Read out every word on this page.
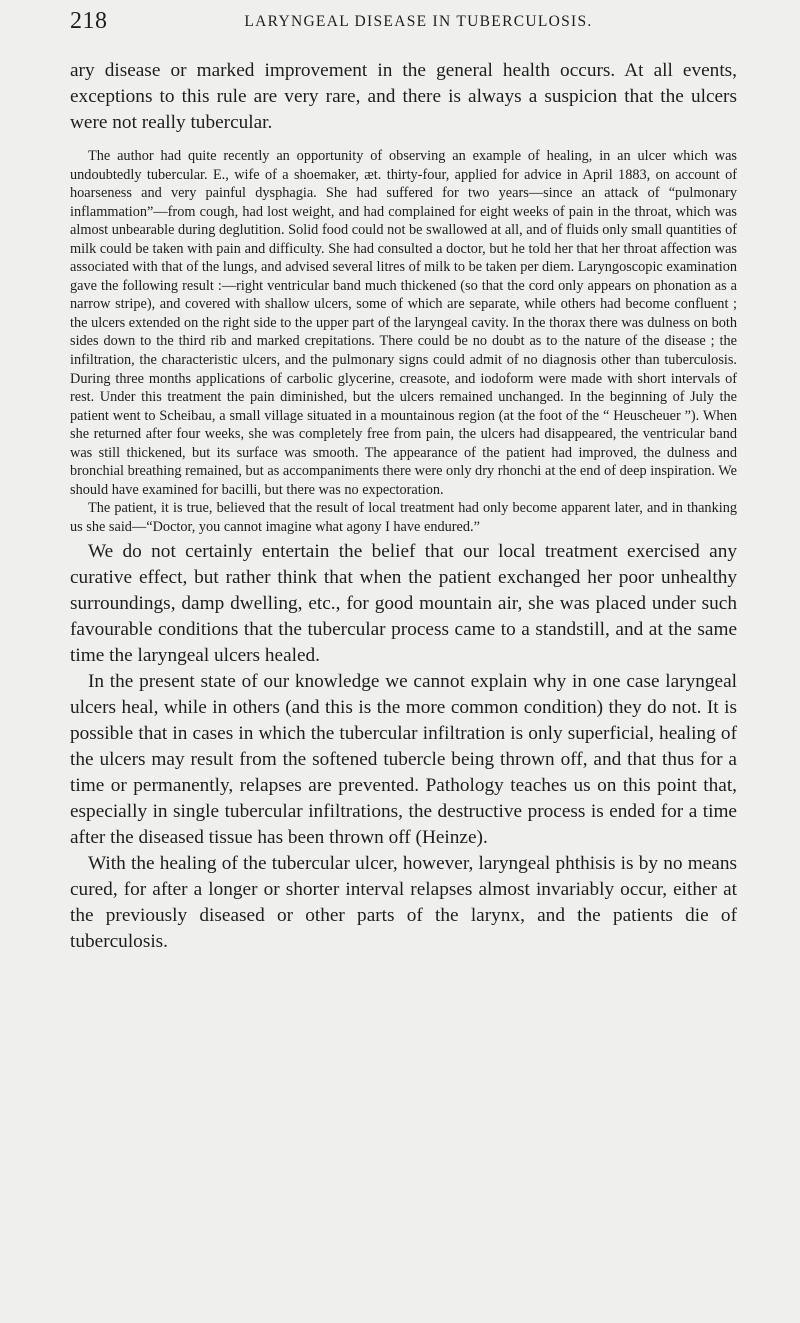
218	LARYNGEAL DISEASE IN TUBERCULOSIS.

ary disease or marked improvement in the general health occurs. At all events, exceptions to this rule are very rare, and there is always a suspicion that the ulcers were not really tubercular.

The author had quite recently an opportunity of observing an example of healing, in an ulcer which was undoubtedly tubercular. E., wife of a shoemaker, æt. thirty-four, applied for advice in April 1883, on account of hoarseness and very painful dysphagia. She had suffered for two years—since an attack of “pulmonary inflammation”—from cough, had lost weight, and had complained for eight weeks of pain in the throat, which was almost unbearable during deglutition. Solid food could not be swallowed at all, and of fluids only small quantities of milk could be taken with pain and difficulty. She had consulted a doctor, but he told her that her throat affection was associated with that of the lungs, and advised several litres of milk to be taken per diem. Laryngoscopic examination gave the following result :—right ventricular band much thickened (so that the cord only appears on phonation as a narrow stripe), and covered with shallow ulcers, some of which are separate, while others had become confluent ; the ulcers extended on the right side to the upper part of the laryngeal cavity. In the thorax there was dulness on both sides down to the third rib and marked crepitations. There could be no doubt as to the nature of the disease ; the infiltration, the characteristic ulcers, and the pulmonary signs could admit of no diagnosis other than tuberculosis. During three months applications of carbolic glycerine, creasote, and iodoform were made with short intervals of rest. Under this treatment the pain diminished, but the ulcers remained unchanged. In the beginning of July the patient went to Scheibau, a small village situated in a mountainous region (at the foot of the “ Heuscheuer ”). When she returned after four weeks, she was completely free from pain, the ulcers had disappeared, the ventricular band was still thickened, but its surface was smooth. The appearance of the patient had improved, the dulness and bronchial breathing remained, but as accompaniments there were only dry rhonchi at the end of deep inspiration. We should have examined for bacilli, but there was no expectoration.

The patient, it is true, believed that the result of local treatment had only become apparent later, and in thanking us she said—“Doctor, you cannot imagine what agony I have endured.”

We do not certainly entertain the belief that our local treatment exercised any curative effect, but rather think that when the patient exchanged her poor unhealthy surroundings, damp dwelling, etc., for good mountain air, she was placed under such favourable conditions that the tubercular process came to a standstill, and at the same time the laryngeal ulcers healed.

In the present state of our knowledge we cannot explain why in one case laryngeal ulcers heal, while in others (and this is the more common condition) they do not. It is possible that in cases in which the tubercular infiltration is only superficial, healing of the ulcers may result from the softened tubercle being thrown off, and that thus for a time or permanently, relapses are prevented. Pathology teaches us on this point that, especially in single tubercular infiltrations, the destructive process is ended for a time after the diseased tissue has been thrown off (Heinze).

With the healing of the tubercular ulcer, however, laryngeal phthisis is by no means cured, for after a longer or shorter interval relapses almost invariably occur, either at the previously diseased or other parts of the larynx, and the patients die of tuberculosis.
